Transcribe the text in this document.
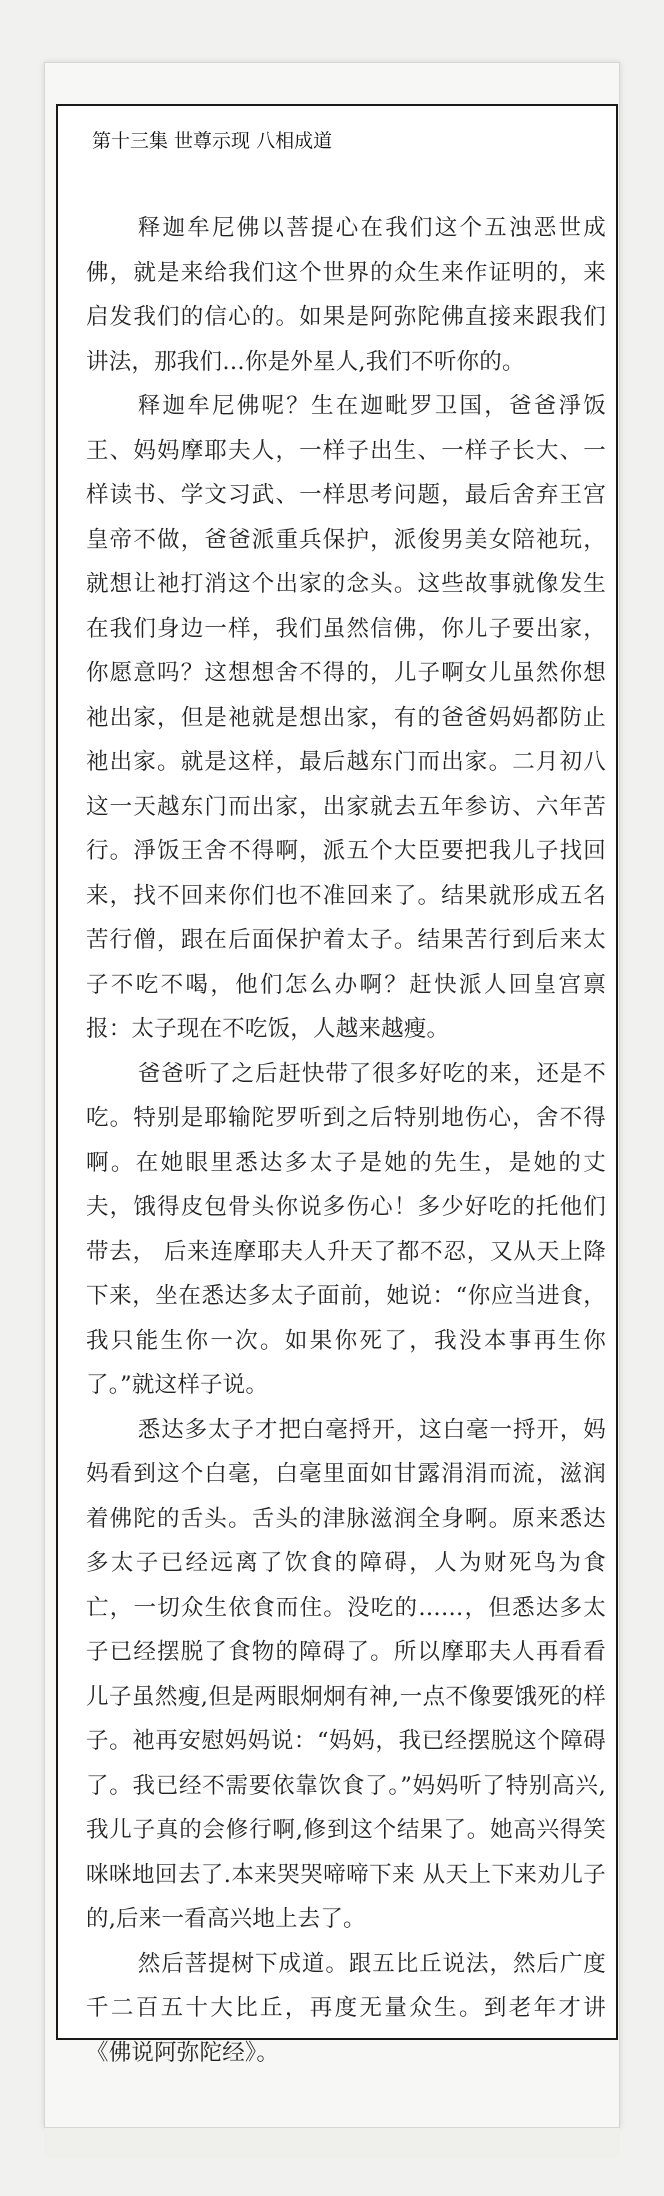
第十三集 世尊示现 八相成道

释迦牟尼佛以菩提心在我们这个五浊恶世成佛，就是来给我们这个世界的众生来作证明的，来启发我们的信心的。如果是阿弥陀佛直接来跟我们讲法，那我们…你是外星人,我们不听你的。

释迦牟尼佛呢？生在迦毗罗卫国，爸爸淨饭王、妈妈摩耶夫人，一样子出生、一样子长大、一样读书、学文习武、一样思考问题，最后舍弃王宫皇帝不做，爸爸派重兵保护，派俊男美女陪祂玩，就想让祂打消这个出家的念头。这些故事就像发生在我们身边一样，我们虽然信佛，你儿子要出家，你愿意吗？这想想舍不得的，儿子啊女儿虽然你想祂出家，但是祂就是想出家，有的爸爸妈妈都防止祂出家。就是这样，最后越东门而出家。二月初八这一天越东门而出家，出家就去五年参访、六年苦行。淨饭王舍不得啊，派五个大臣要把我儿子找回来，找不回来你们也不准回来了。结果就形成五名苦行僧，跟在后面保护着太子。结果苦行到后来太子不吃不喝，他们怎么办啊？赶快派人回皇宫禀报：太子现在不吃饭，人越来越瘦。

爸爸听了之后赶快带了很多好吃的来，还是不吃。特别是耶输陀罗听到之后特别地伤心，舍不得啊。在她眼里悉达多太子是她的先生，是她的丈夫，饿得皮包骨头你说多伤心！多少好吃的托他们带去， 后来连摩耶夫人升天了都不忍，又从天上降下来，坐在悉达多太子面前，她说：“你应当进食，我只能生你一次。如果你死了，我没本事再生你了。”就这样子说。

悉达多太子才把白毫捋开，这白毫一捋开，妈妈看到这个白毫，白毫里面如甘露涓涓而流，滋润着佛陀的舌头。舌头的津脉滋润全身啊。原来悉达多太子已经远离了饮食的障碍，人为财死鸟为食亡，一切众生依食而住。没吃的……，但悉达多太子已经摆脱了食物的障碍了。所以摩耶夫人再看看儿子虽然瘦,但是两眼炯炯有神,一点不像要饿死的样子。祂再安慰妈妈说：“妈妈，我已经摆脱这个障碍了。我已经不需要依靠饮食了。”妈妈听了特别高兴,我儿子真的会修行啊,修到这个结果了。她高兴得笑咪咪地回去了.本来哭哭啼啼下来 从天上下来劝儿子的,后来一看高兴地上去了。

然后菩提树下成道。跟五比丘说法，然后广度千二百五十大比丘，再度无量众生。到老年才讲《佛说阿弥陀经》。
